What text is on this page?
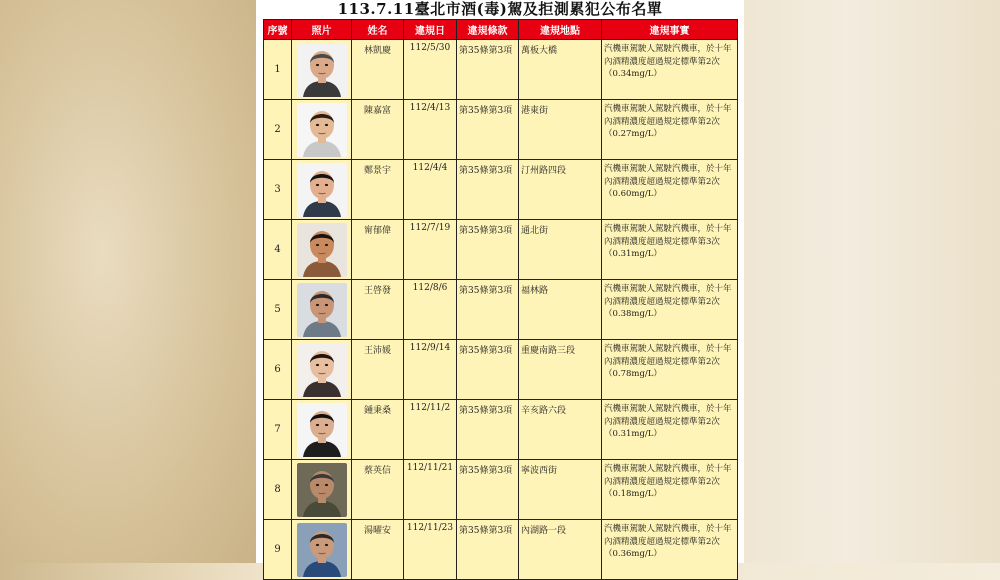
113.7.11臺北市酒(毒)駕及拒測累犯公布名單
序號	照片	姓名	違規日	違規條款	違規地點	違規事實
1		林凱慶	112/5/30	第35條第3項	萬板大橋	汽機車駕駛人駕駛汽機車，於十年內酒精濃度超過規定標準第2次（0.34mg/L）
2		陳嘉富	112/4/13	第35條第3項	港東街	汽機車駕駛人駕駛汽機車，於十年內酒精濃度超過規定標準第2次（0.27mg/L）
3		鄭景宇	112/4/4	第35條第3項	汀州路四段	汽機車駕駛人駕駛汽機車，於十年內酒精濃度超過規定標準第2次（0.60mg/L）
4		甯郁偉	112/7/19	第35條第3項	通北街	汽機車駕駛人駕駛汽機車，於十年內酒精濃度超過規定標準第3次（0.31mg/L）
5		王啓發	112/8/6	第35條第3項	福林路	汽機車駕駛人駕駛汽機車，於十年內酒精濃度超過規定標準第2次（0.38mg/L）
6		王沛媛	112/9/14	第35條第3項	重慶南路三段	汽機車駕駛人駕駛汽機車，於十年內酒精濃度超過規定標準第2次（0.78mg/L）
7		鍾秉桑	112/11/2	第35條第3項	辛亥路六段	汽機車駕駛人駕駛汽機車，於十年內酒精濃度超過規定標準第2次（0.31mg/L）
8		蔡英信	112/11/21	第35條第3項	寧波西街	汽機車駕駛人駕駛汽機車，於十年內酒精濃度超過規定標準第2次（0.18mg/L）
9		湯曜安	112/11/23	第35條第3項	內湖路一段	汽機車駕駛人駕駛汽機車，於十年內酒精濃度超過規定標準第2次（0.36mg/L）
